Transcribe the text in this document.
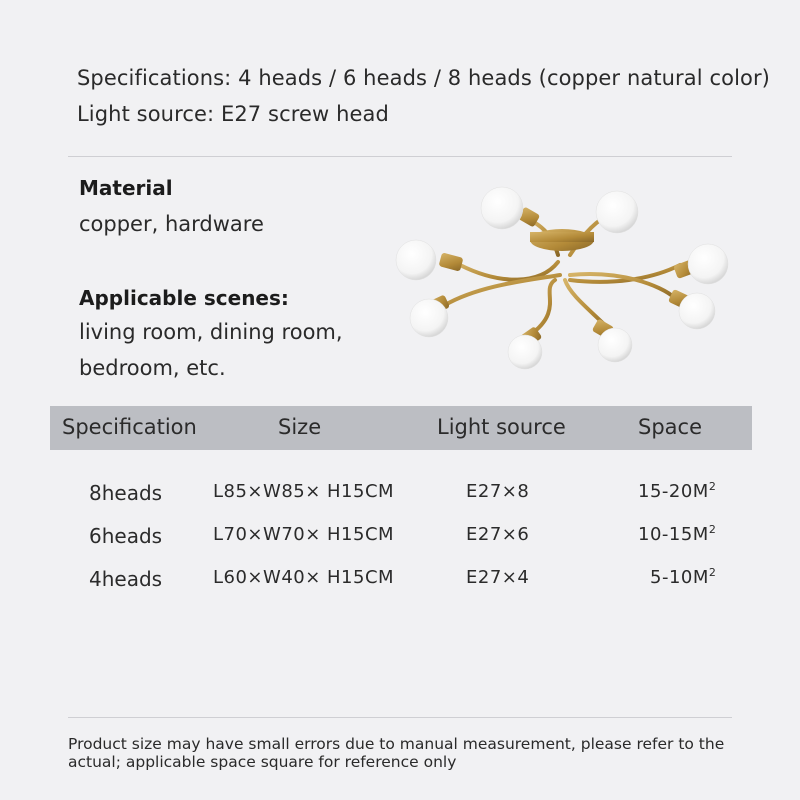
Specifications: 4 heads / 6 heads / 8 heads (copper natural color)
Light source: E27 screw head
Material
copper, hardware
Applicable scenes:
living room, dining room,
bedroom, etc.
Specification	Size	Light source	Space
8heads	L85×W85× H15CM	E27×8	$15-20M^2$
6heads	L70×W70× H15CM	E27×6	$10-15M^2$
4heads	L60×W40× H15CM	E27×4	$5-10M^2$
Product size may have small errors due to manual measurement, please refer to the actual; applicable space square for reference only
